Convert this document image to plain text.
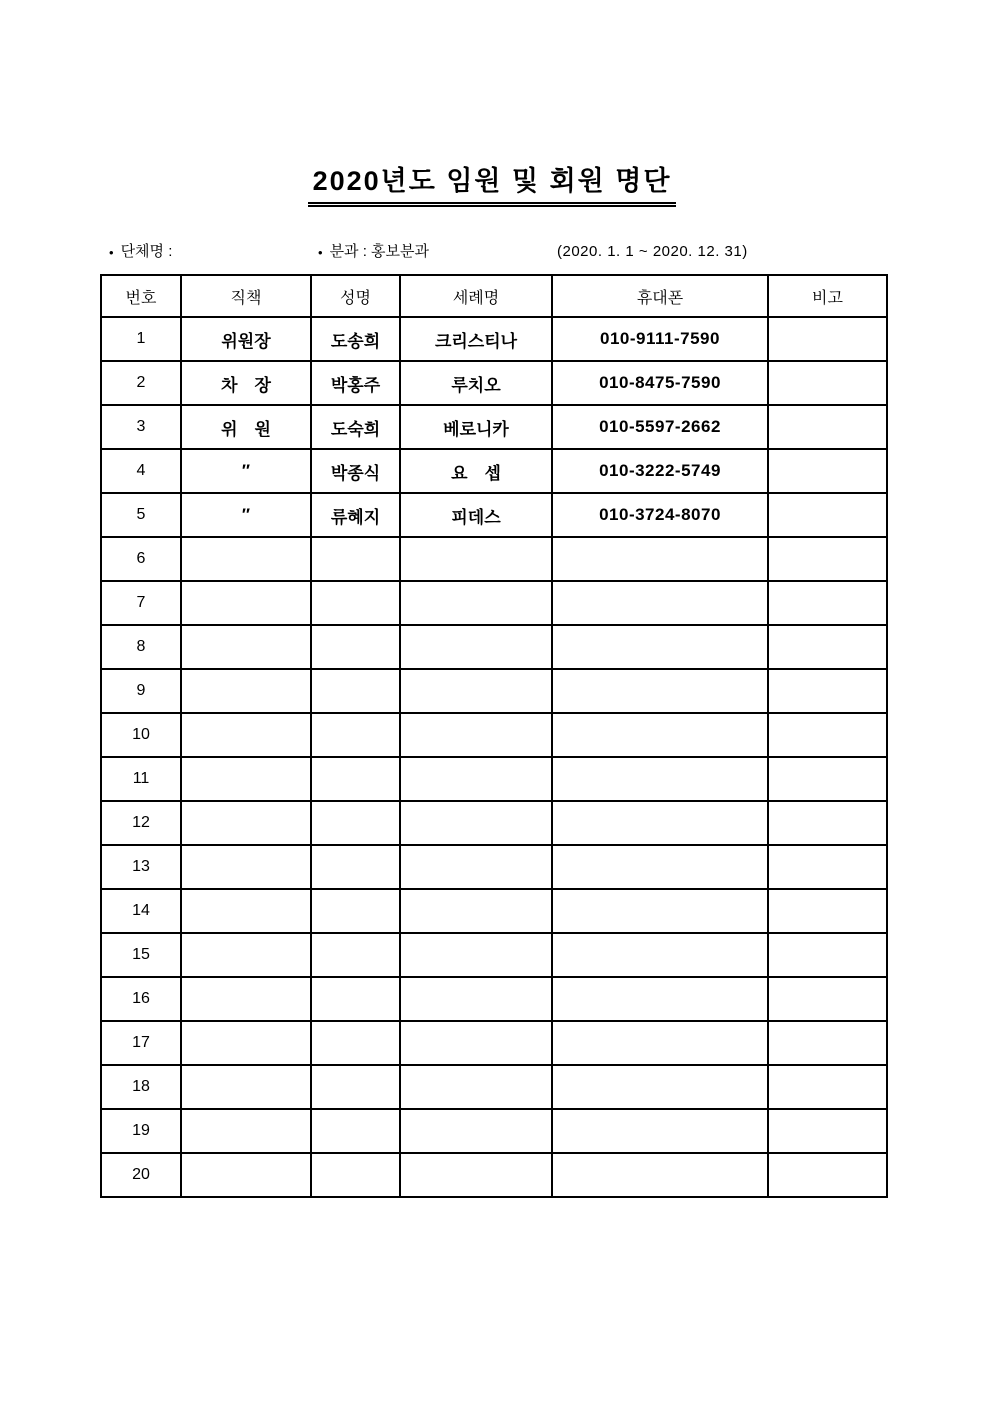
2020년도 임원 및 회원 명단
• 단체명 :	• 분과 : 홍보분과	(2020. 1. 1 ~ 2020. 12. 31)
번호	직책	성명	세례명	휴대폰	비고
1	위원장	도송희	크리스티나	010-9111-7590	
2	차　장	박홍주	루치오	010-8475-7590	
3	위　원	도숙희	베로니카	010-5597-2662	
4	″	박종식	요　셉	010-3222-5749	
5	″	류혜지	피데스	010-3724-8070	
6					
7					
8					
9					
10					
11					
12					
13					
14					
15					
16					
17					
18					
19					
20					
